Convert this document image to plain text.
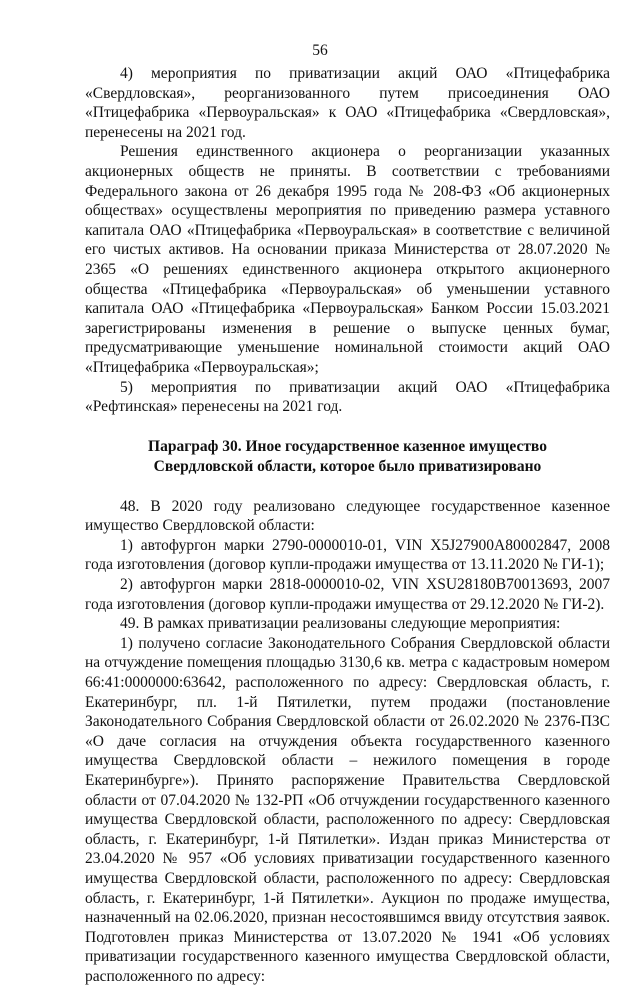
56

4) мероприятия по приватизации акций ОАО «Птицефабрика «Свердловская», реорганизованного путем присоединения ОАО «Птицефабрика «Первоуральская» к ОАО «Птицефабрика «Свердловская», перенесены на 2021 год.

Решения единственного акционера о реорганизации указанных акционерных обществ не приняты. В соответствии с требованиями Федерального закона от 26 декабря 1995 года № 208-ФЗ «Об акционерных обществах» осуществлены мероприятия по приведению размера уставного капитала ОАО «Птицефабрика «Первоуральская» в соответствие с величиной его чистых активов. На основании приказа Министерства от 28.07.2020 № 2365 «О решениях единственного акционера открытого акционерного общества «Птицефабрика «Первоуральская» об уменьшении уставного капитала ОАО «Птицефабрика «Первоуральская» Банком России 15.03.2021 зарегистрированы изменения в решение о выпуске ценных бумаг, предусматривающие уменьшение номинальной стоимости акций ОАО «Птицефабрика «Первоуральская»;

5) мероприятия по приватизации акций ОАО «Птицефабрика «Рефтинская» перенесены на 2021 год.

Параграф 30. Иное государственное казенное имущество
Свердловской области, которое было приватизировано

48. В 2020 году реализовано следующее государственное казенное имущество Свердловской области:

1) автофургон марки 2790-0000010-01, VIN X5J27900A80002847, 2008 года изготовления (договор купли-продажи имущества от 13.11.2020 № ГИ-1);

2) автофургон марки 2818-0000010-02, VIN XSU28180B70013693, 2007 года изготовления (договор купли-продажи имущества от 29.12.2020 № ГИ-2).

49. В рамках приватизации реализованы следующие мероприятия:

1) получено согласие Законодательного Собрания Свердловской области на отчуждение помещения площадью 3130,6 кв. метра с кадастровым номером 66:41:0000000:63642, расположенного по адресу: Свердловская область, г. Екатеринбург, пл. 1-й Пятилетки, путем продажи (постановление Законодательного Собрания Свердловской области от 26.02.2020 № 2376-ПЗС «О даче согласия на отчуждения объекта государственного казенного имущества Свердловской области – нежилого помещения в городе Екатеринбурге»). Принято распоряжение Правительства Свердловской области от 07.04.2020 № 132-РП «Об отчуждении государственного казенного имущества Свердловской области, расположенного по адресу: Свердловская область, г. Екатеринбург, 1-й Пятилетки». Издан приказ Министерства от 23.04.2020 № 957 «Об условиях приватизации государственного казенного имущества Свердловской области, расположенного по адресу: Свердловская область, г. Екатеринбург, 1-й Пятилетки». Аукцион по продаже имущества, назначенный на 02.06.2020, признан несостоявшимся ввиду отсутствия заявок. Подготовлен приказ Министерства от 13.07.2020 № 1941 «Об условиях приватизации государственного казенного имущества Свердловской области, расположенного по адресу:
